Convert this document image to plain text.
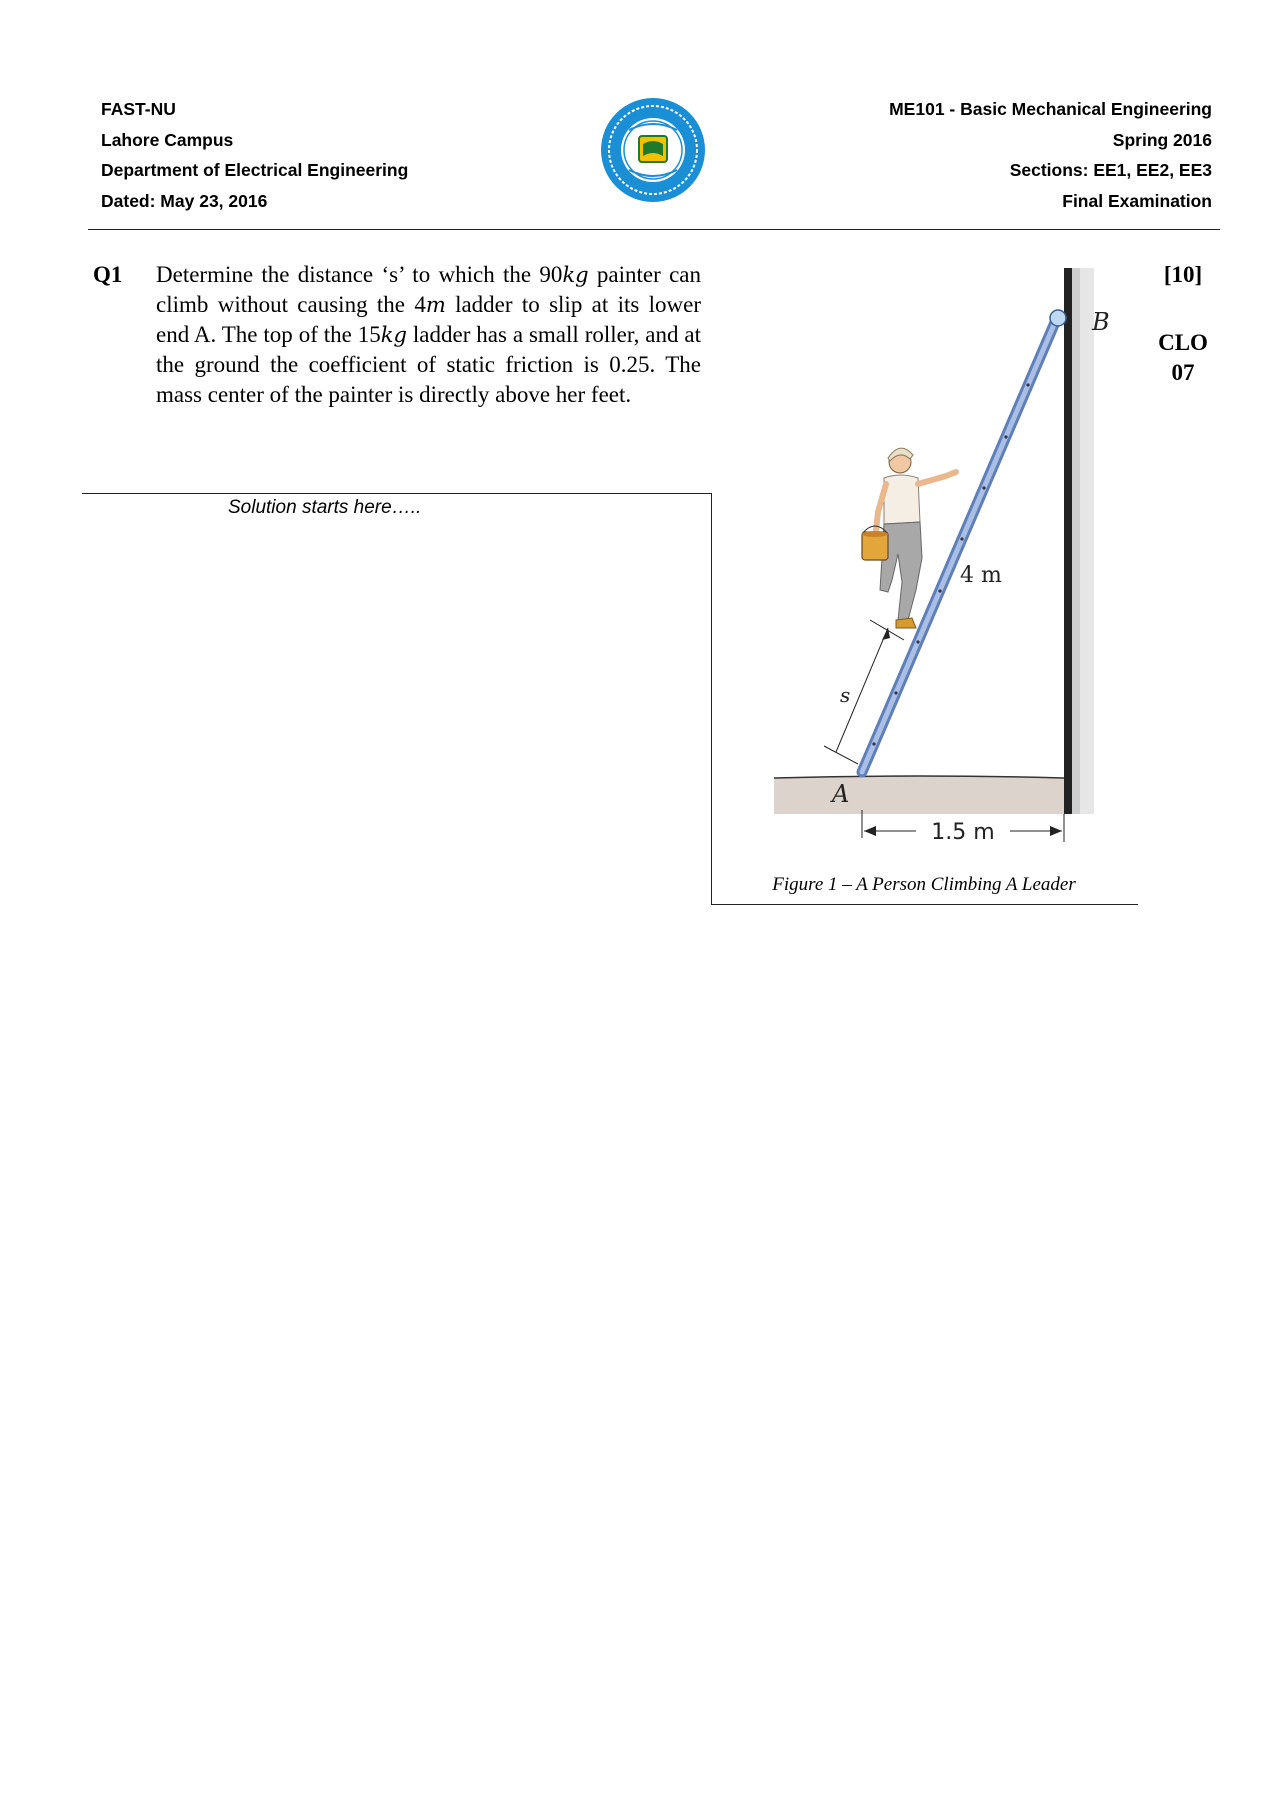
FAST-NU
Lahore Campus
Department of Electrical Engineering
Dated: May 23, 2016
ME101 - Basic Mechanical Engineering
Spring 2016
Sections: EE1, EE2, EE3
Final Examination
Q1 Determine the distance ‘s’ to which the 90kg painter can climb without causing the 4m ladder to slip at its lower end A. The top of the 15kg ladder has a small roller, and at the ground the coefficient of static friction is 0.25. The mass center of the painter is directly above her feet.
[10]
CLO
07
Solution starts here…..
s
4 m
B
A
1.5 m
Figure 1 – A Person Climbing A Leader
